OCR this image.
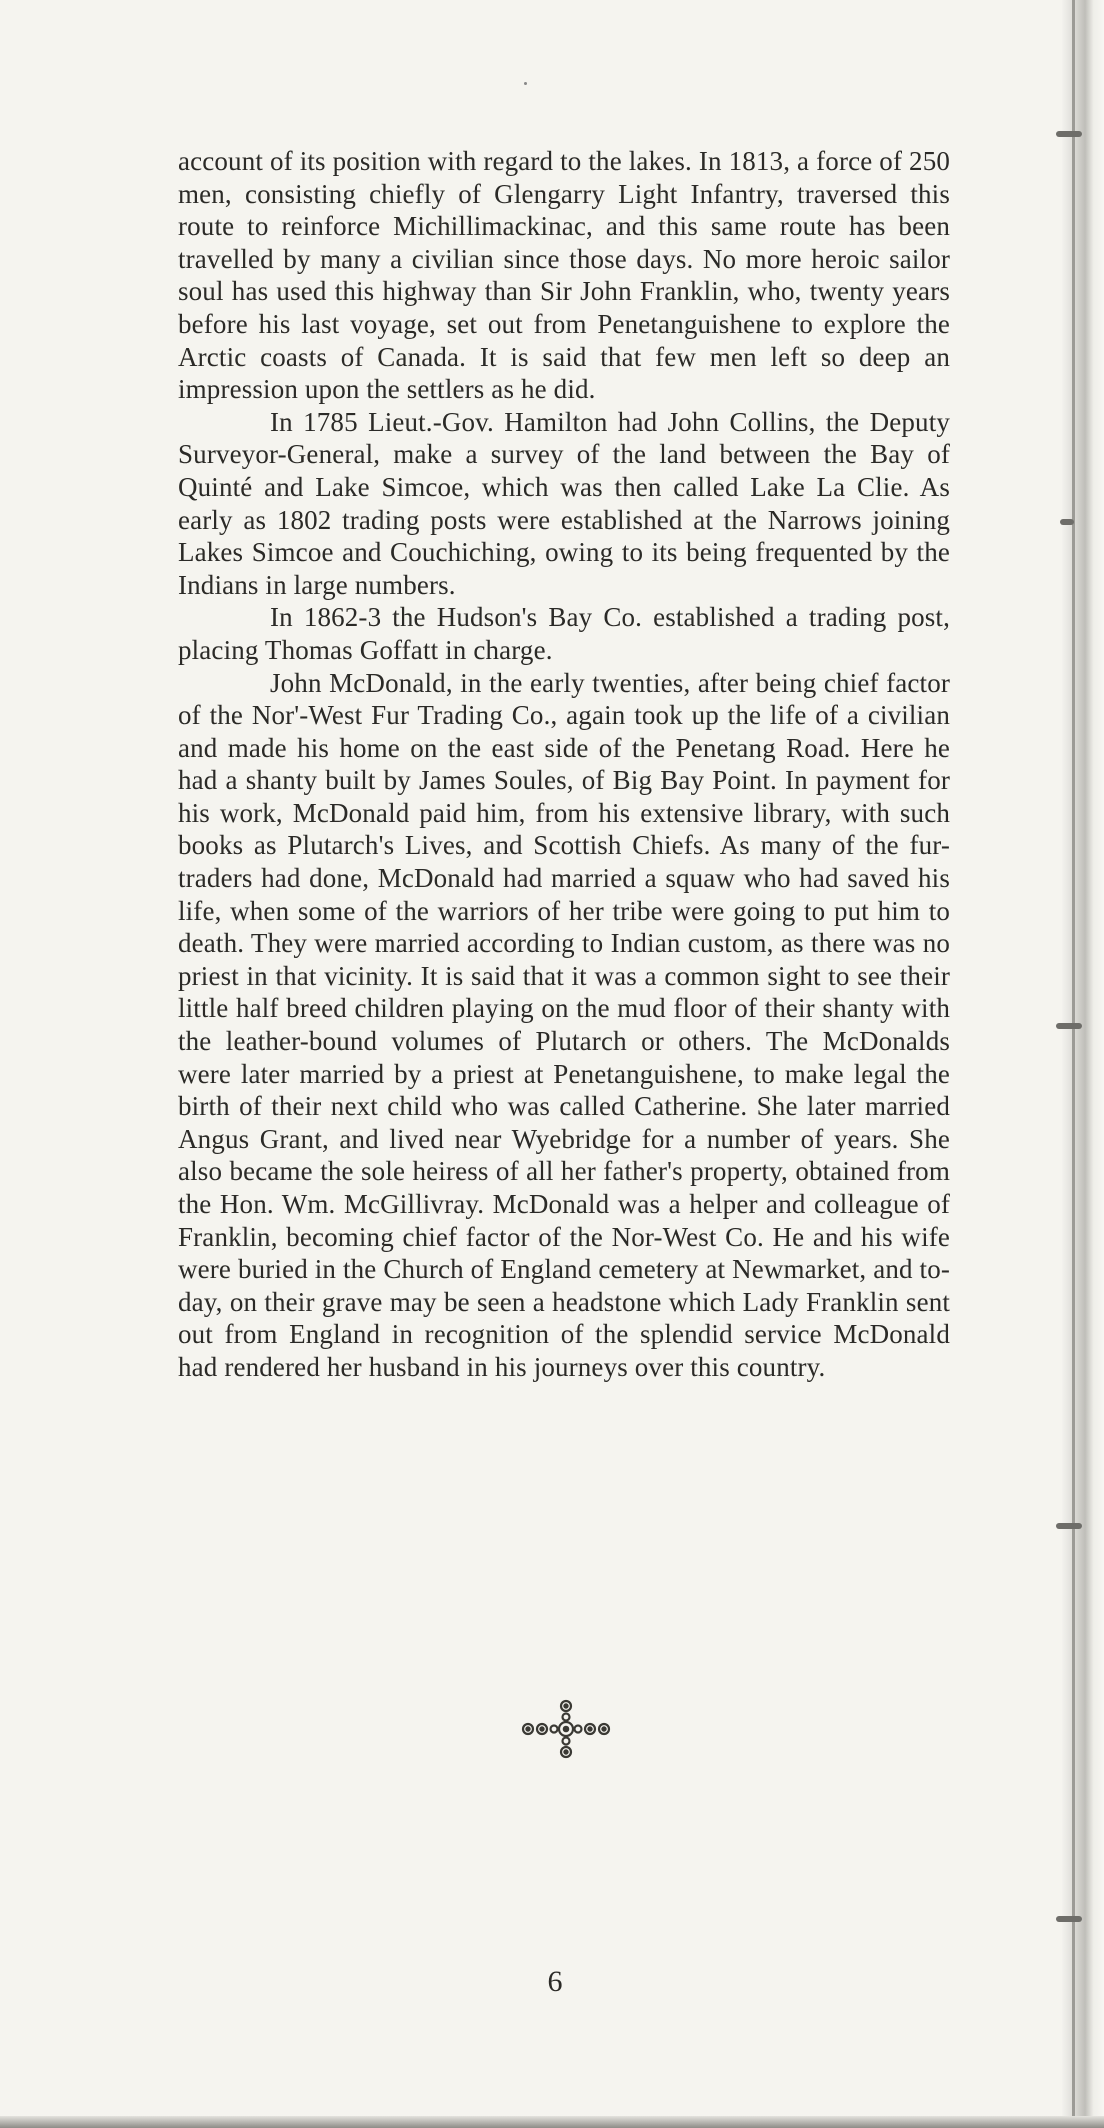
account of its position with regard to the lakes. In 1813, a force of 250 men, consisting chiefly of Glengarry Light Infantry, traversed this route to reinforce Michillimackinac, and this same route has been travelled by many a civilian since those days. No more heroic sailor soul has used this highway than Sir John Franklin, who, twenty years before his last voyage, set out from Penetanguishene to explore the Arctic coasts of Canada. It is said that few men left so deep an impression upon the settlers as he did.

In 1785 Lieut.-Gov. Hamilton had John Collins, the Deputy Surveyor-General, make a survey of the land between the Bay of Quinté and Lake Simcoe, which was then called Lake La Clie. As early as 1802 trading posts were established at the Narrows joining Lakes Simcoe and Couchiching, owing to its being frequented by the Indians in large numbers.

In 1862-3 the Hudson's Bay Co. established a trading post, placing Thomas Goffatt in charge.

John McDonald, in the early twenties, after being chief factor of the Nor'-West Fur Trading Co., again took up the life of a civilian and made his home on the east side of the Penetang Road. Here he had a shanty built by James Soules, of Big Bay Point. In payment for his work, McDonald paid him, from his extensive library, with such books as Plutarch's Lives, and Scottish Chiefs. As many of the fur-traders had done, McDonald had married a squaw who had saved his life, when some of the warriors of her tribe were going to put him to death. They were married according to Indian custom, as there was no priest in that vicinity. It is said that it was a common sight to see their little half breed children playing on the mud floor of their shanty with the leather-bound volumes of Plutarch or others. The McDonalds were later married by a priest at Penetanguishene, to make legal the birth of their next child who was called Catherine. She later married Angus Grant, and lived near Wyebridge for a number of years. She also became the sole heiress of all her father's property, obtained from the Hon. Wm. McGillivray. McDonald was a helper and colleague of Franklin, becoming chief factor of the Nor-West Co. He and his wife were buried in the Church of England cemetery at Newmarket, and to-day, on their grave may be seen a headstone which Lady Franklin sent out from England in recognition of the splendid service McDonald had rendered her husband in his journeys over this country.

6
